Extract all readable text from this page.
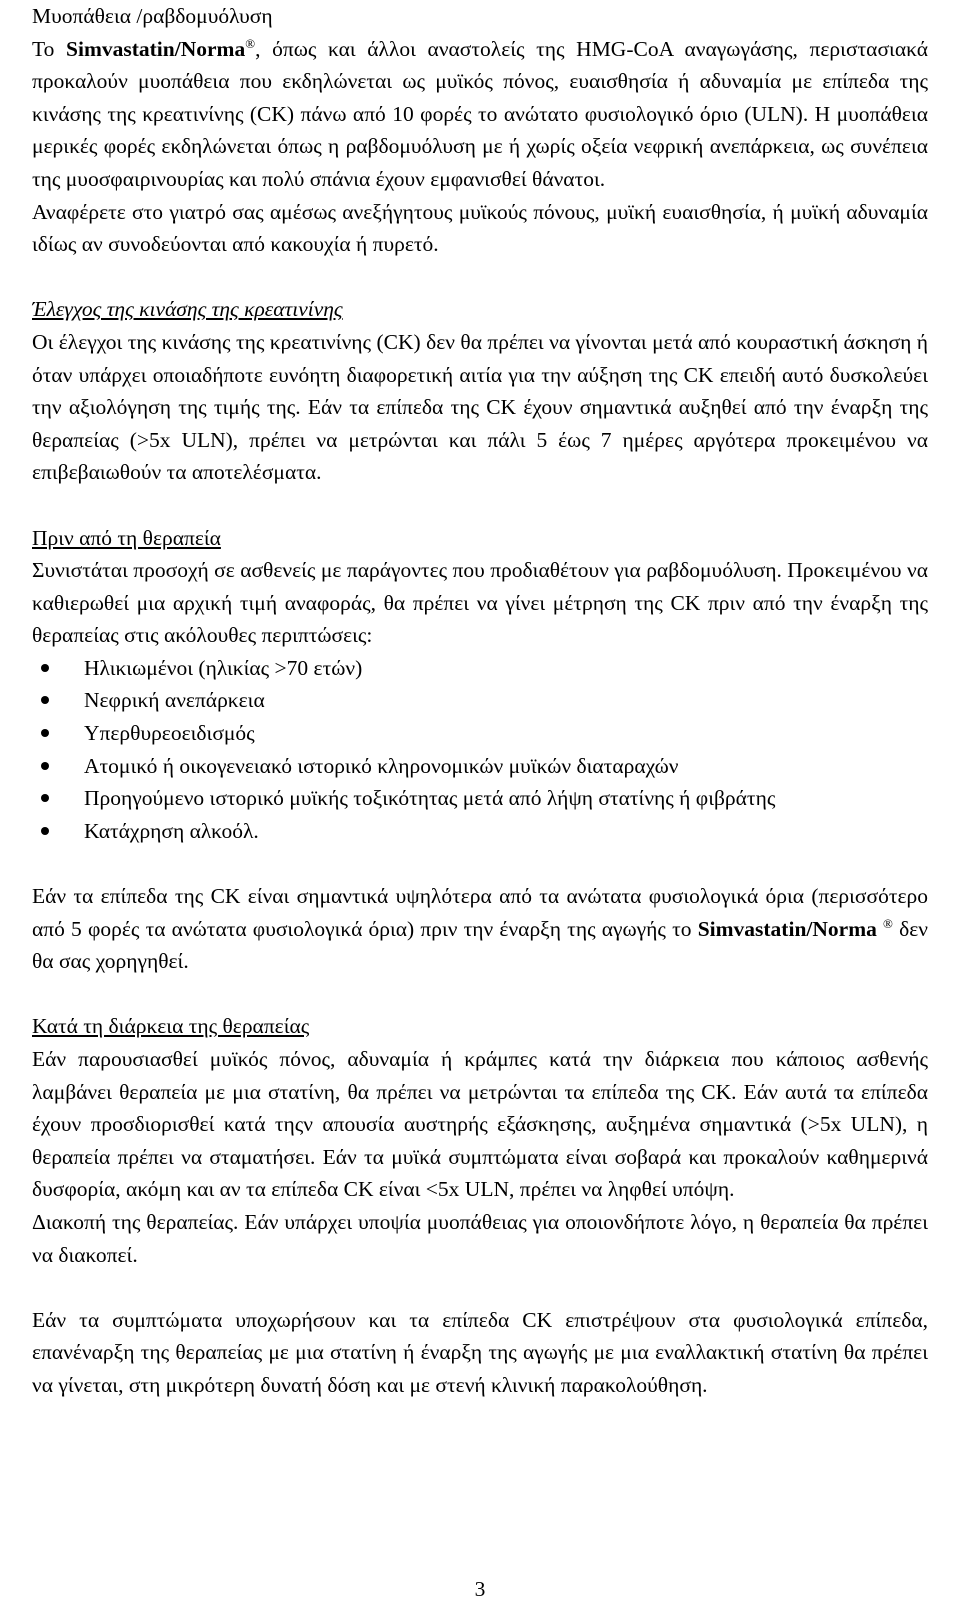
Μυοπάθεια /ραβδομυόλυση

Το Simvastatin/Norma®, όπως και άλλοι αναστολείς της HMG-CoA αναγωγάσης, περιστασιακά προκαλούν μυοπάθεια που εκδηλώνεται ως μυϊκός πόνος, ευαισθησία ή αδυναμία με επίπεδα της κινάσης της κρεατινίνης (CK) πάνω από 10 φορές το ανώτατο φυσιολογικό όριο (ULN). Η μυοπάθεια μερικές φορές εκδηλώνεται όπως η ραβδομυόλυση με ή χωρίς οξεία νεφρική ανεπάρκεια, ως συνέπεια της μυοσφαιρινουρίας και πολύ σπάνια έχουν εμφανισθεί θάνατοι.

Αναφέρετε στο γιατρό σας αμέσως ανεξήγητους μυϊκούς πόνους, μυϊκή ευαισθησία, ή μυϊκή αδυναμία ιδίως αν συνοδεύονται από κακουχία ή πυρετό.

Έλεγχος της κινάσης της κρεατινίνης

Οι έλεγχοι της κινάσης της κρεατινίνης (CK) δεν θα πρέπει να γίνονται μετά από κουραστική άσκηση ή όταν υπάρχει οποιαδήποτε ευνόητη διαφορετική αιτία για την αύξηση της CK επειδή αυτό δυσκολεύει την αξιολόγηση της τιμής της. Εάν τα επίπεδα της CK έχουν σημαντικά αυξηθεί από την έναρξη της θεραπείας (>5x ULN), πρέπει να μετρώνται και πάλι 5 έως 7 ημέρες αργότερα προκειμένου να επιβεβαιωθούν τα αποτελέσματα.

Πριν από τη θεραπεία

Συνιστάται προσοχή σε ασθενείς με παράγοντες που προδιαθέτουν για ραβδομυόλυση. Προκειμένου να καθιερωθεί μια αρχική τιμή αναφοράς, θα πρέπει να γίνει μέτρηση της CK πριν από την έναρξη της θεραπείας στις ακόλουθες περιπτώσεις:

Ηλικιωμένοι (ηλικίας >70 ετών)
Νεφρική ανεπάρκεια
Υπερθυρεοειδισμός
Ατομικό ή οικογενειακό ιστορικό κληρονομικών μυϊκών διαταραχών
Προηγούμενο ιστορικό μυϊκής τοξικότητας μετά από λήψη στατίνης ή φιβράτης
Κατάχρηση αλκοόλ.

Εάν τα επίπεδα της CK είναι σημαντικά υψηλότερα από τα ανώτατα φυσιολογικά όρια (περισσότερο από 5 φορές τα ανώτατα φυσιολογικά όρια) πριν την έναρξη της αγωγής το Simvastatin/Norma ® δεν θα σας χορηγηθεί.

Κατά τη διάρκεια της θεραπείας

Εάν παρουσιασθεί μυϊκός πόνος, αδυναμία ή κράμπες κατά την διάρκεια που κάποιος ασθενής λαμβάνει θεραπεία με μια στατίνη, θα πρέπει να μετρώνται τα επίπεδα της CK. Εάν αυτά τα επίπεδα έχουν προσδιορισθεί κατά τηςν απουσία αυστηρής εξάσκησης, αυξημένα σημαντικά (>5x ULN), η θεραπεία πρέπει να σταματήσει. Εάν τα μυϊκά συμπτώματα είναι σοβαρά και προκαλούν καθημερινά δυσφορία, ακόμη και αν τα επίπεδα CK είναι <5x ULN, πρέπει να ληφθεί υπόψη.

Διακοπή της θεραπείας. Εάν υπάρχει υποψία μυοπάθειας για οποιονδήποτε λόγο, η θεραπεία θα πρέπει να διακοπεί.

Εάν τα συμπτώματα υποχωρήσουν και τα επίπεδα CK επιστρέψουν στα φυσιολογικά επίπεδα, επανέναρξη της θεραπείας με μια στατίνη ή έναρξη της αγωγής με μια εναλλακτική στατίνη θα πρέπει να γίνεται, στη μικρότερη δυνατή δόση και με στενή κλινική παρακολούθηση.

3
